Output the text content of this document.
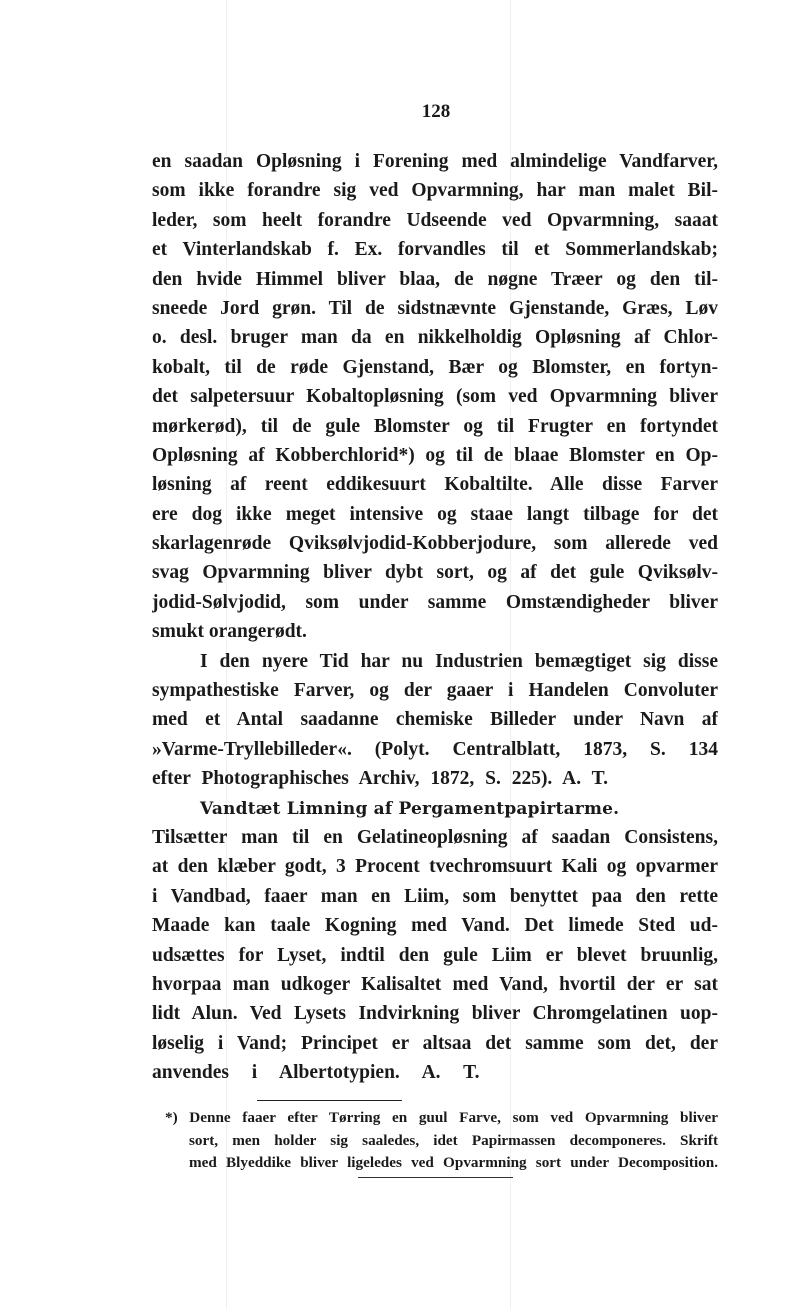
128
en saadan Opløsning i Forening med almindelige Vandfarver,
som ikke forandre sig ved Opvarmning, har man malet Bil-
leder, som heelt forandre Udseende ved Opvarmning, saaat
et Vinterlandskab f. Ex. forvandles til et Sommerlandskab;
den hvide Himmel bliver blaa, de nøgne Træer og den til-
sneede Jord grøn. Til de sidstnævnte Gjenstande, Græs, Løv
o. desl. bruger man da en nikkelholdig Opløsning af Chlor-
kobalt, til de røde Gjenstand, Bær og Blomster, en fortyn-
det salpetersuur Kobaltopløsning (som ved Opvarmning bliver
mørkerød), til de gule Blomster og til Frugter en fortyndet
Opløsning af Kobberchlorid*) og til de blaae Blomster en Op-
løsning af reent eddikesuurt Kobaltilte. Alle disse Farver
ere dog ikke meget intensive og staae langt tilbage for det
skarlagenrøde Qviksølvjodid-Kobberjodure, som allerede ved
svag Opvarmning bliver dybt sort, og af det gule Qviksølv-
jodid-Sølvjodid, som under samme Omstændigheder bliver
smukt orangerødt.
I den nyere Tid har nu Industrien bemægtiget sig disse
sympathestiske Farver, og der gaaer i Handelen Convoluter
med et Antal saadanne chemiske Billeder under Navn af
»Varme-Tryllebilleder«. (Polyt. Centralblatt, 1873, S. 134
efter Photographisches Archiv, 1872, S. 225). A. T.
Vandtæt Limning af Pergamentpapirtarme.
Tilsætter man til en Gelatineopløsning af saadan Consistens,
at den klæber godt, 3 Procent tvechromsuurt Kali og opvarmer
i Vandbad, faaer man en Liim, som benyttet paa den rette
Maade kan taale Kogning med Vand. Det limede Sted ud-
udsættes for Lyset, indtil den gule Liim er blevet bruunlig,
hvorpaa man udkoger Kalisaltet med Vand, hvortil der er sat
lidt Alun. Ved Lysets Indvirkning bliver Chromgelatinen uop-
løselig i Vand; Principet er altsaa det samme som det, der
anvendes i Albertotypien. A. T.
*) Denne faaer efter Tørring en guul Farve, som ved Opvarmning bliver
sort, men holder sig saaledes, idet Papirmassen decomponeres. Skrift
med Blyeddike bliver ligeledes ved Opvarmning sort under Decomposition.
